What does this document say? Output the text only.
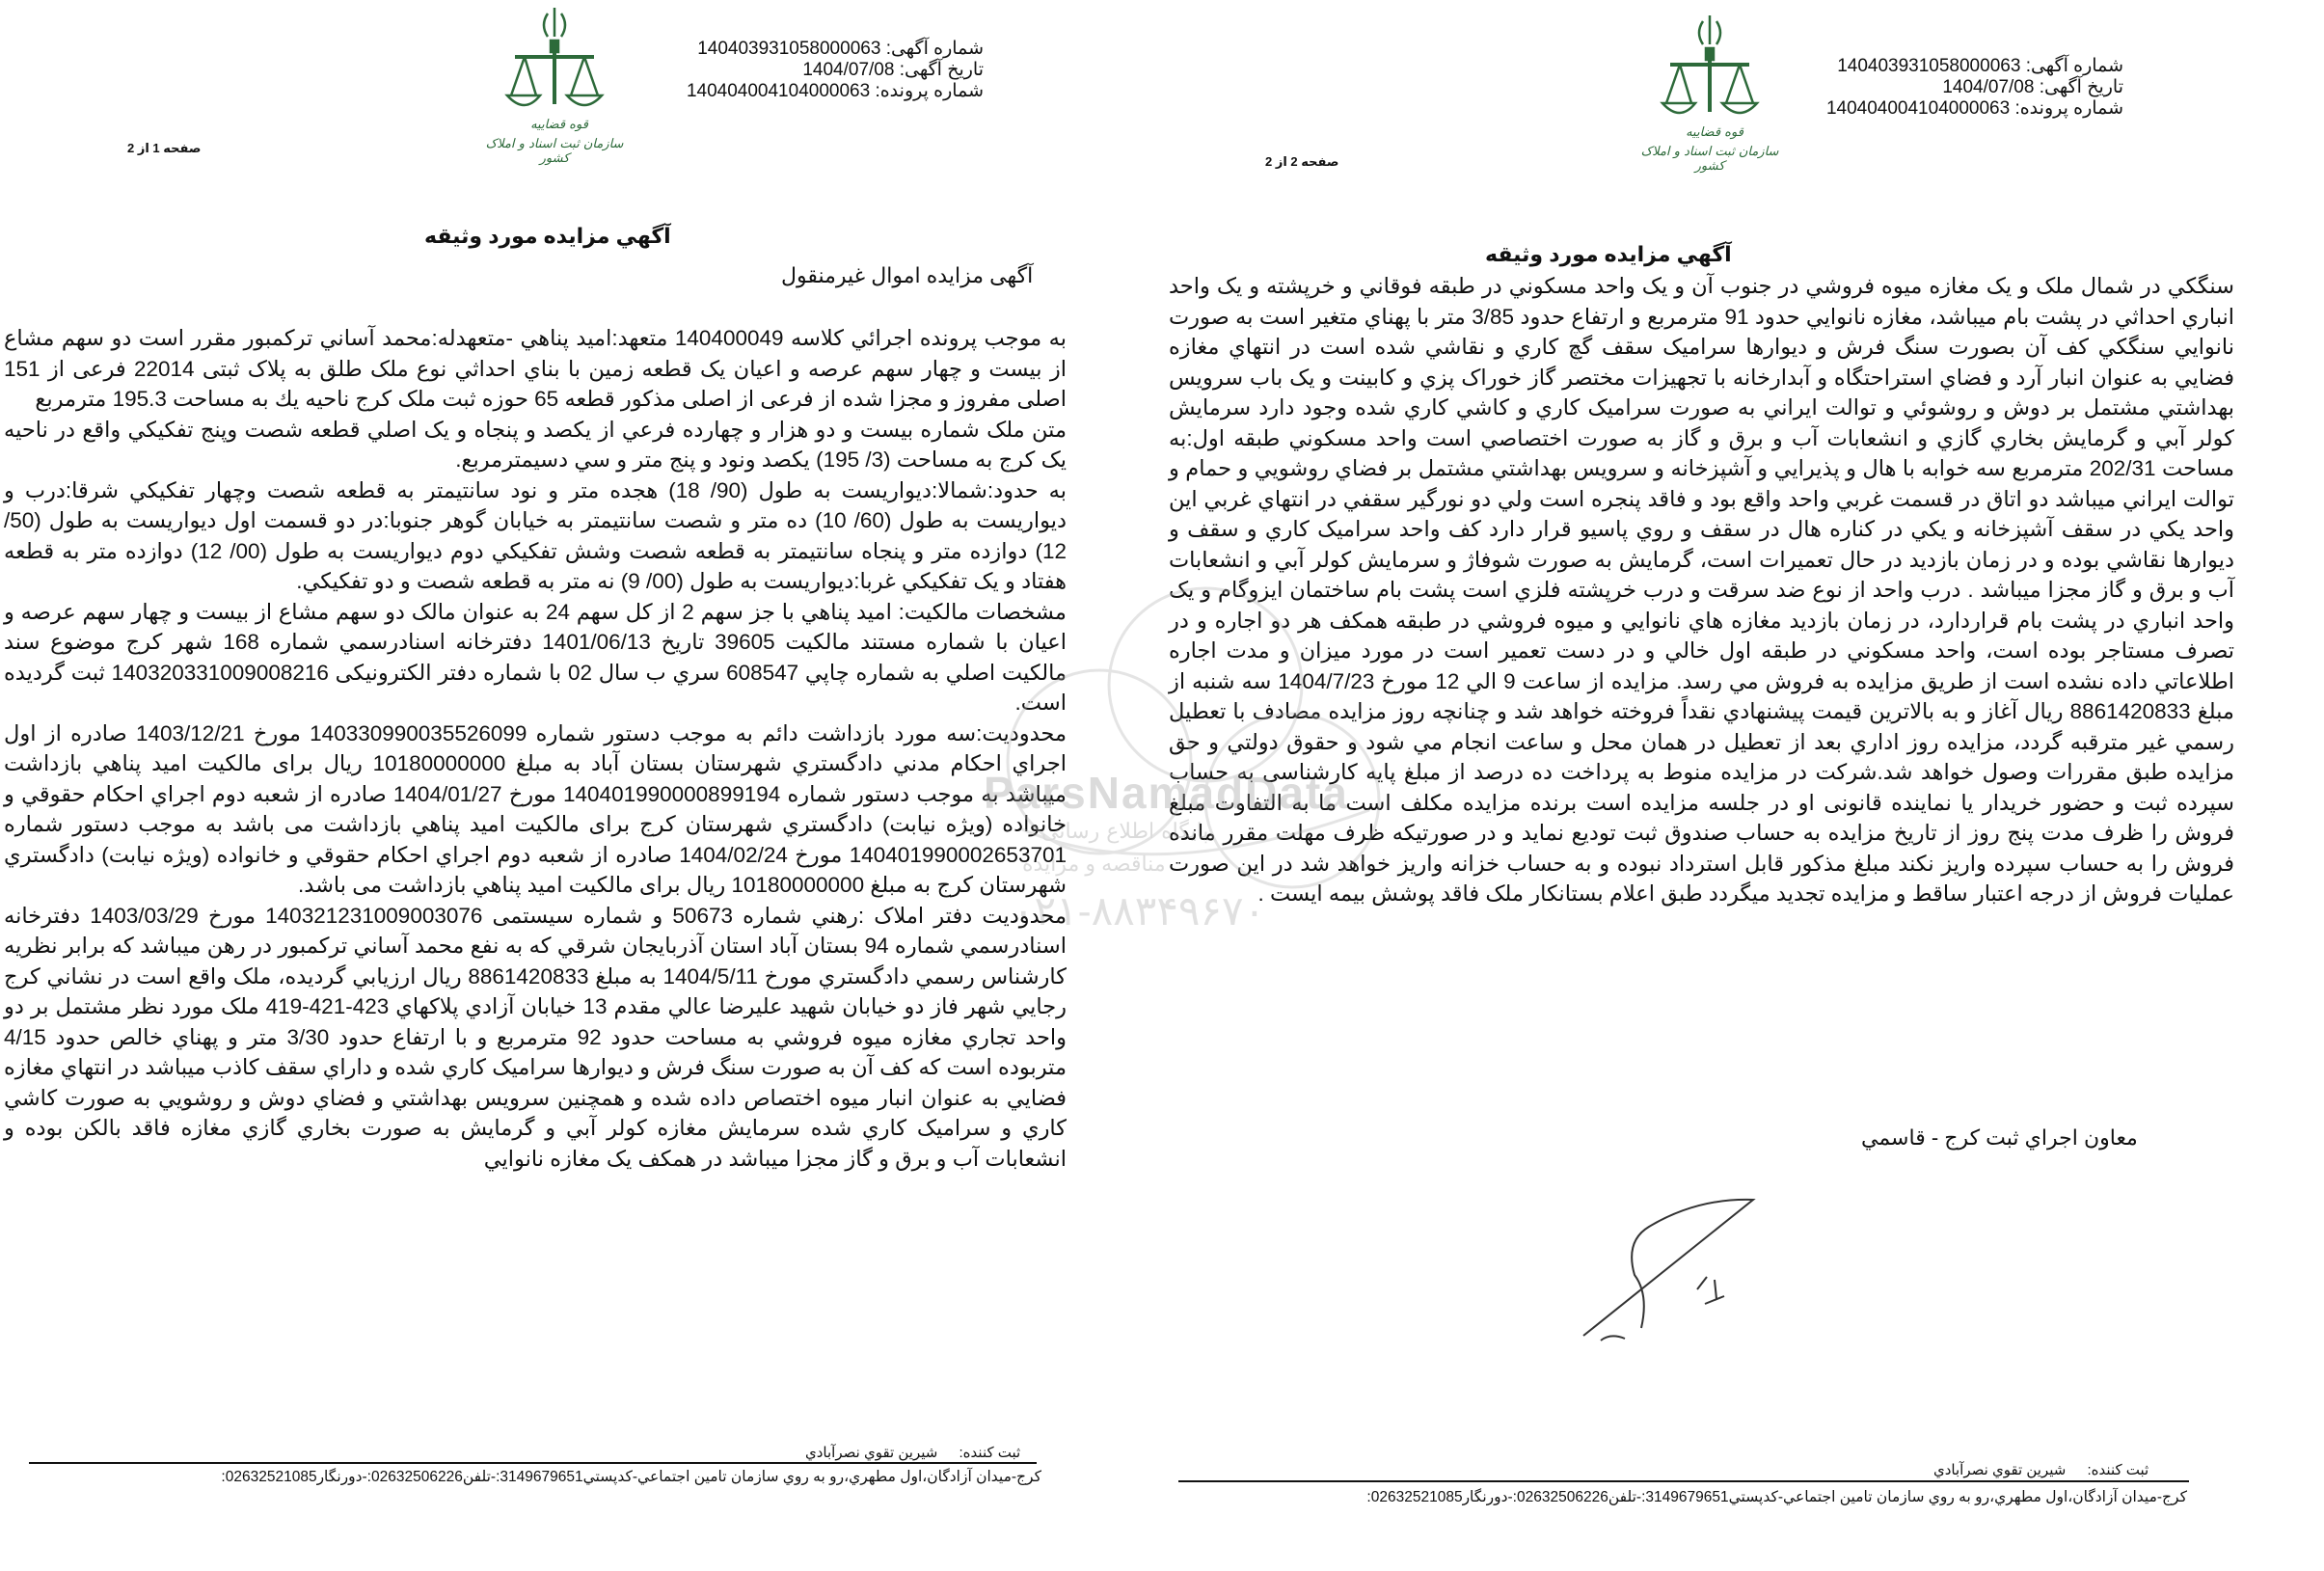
قوه قضاییه
سازمان ثبت اسناد و املاک کشور
شماره آگهی: 14040393105800006‍3
تاریخ آگهی: 1404/07/08
شماره پرونده: 140404004104000063
صفحه 1 از 2
آگهي مزايده مورد وثيقه
آگهی مزایده اموال غیرمنقول

به موجب پرونده اجرائي کلاسه 140400049 متعهد:اميد پناهي -متعهدله:محمد آساني ترکمبور مقرر است دو سهم مشاع از بيست و چهار سهم عرصه و اعيان يک قطعه زمين با بناي احداثي نوع ملک طلق به پلاک ثبتی 22014 فرعی از 151 اصلی مفروز و مجزا شده از فرعی از اصلی مذکور قطعه 65 حوزه ثبت ملک کرج ناحيه يك به مساحت 195.3 مترمربع

متن ملک شماره بيست و دو هزار و چهارده فرعي از يکصد و پنجاه و يک اصلي قطعه شصت وپنج تفکيکي واقع در ناحيه يک کرج به مساحت (3/ 195) يکصد ونود و پنج متر و سي دسيمترمربع.

به حدود:شمالا:ديواريست به طول (90/ 18) هجده متر و نود سانتيمتر به قطعه شصت وچهار تفکيکي شرقا:درب و ديواريست به طول (60/ 10) ده متر و شصت سانتيمتر به خيابان گوهر جنوبا:در دو قسمت اول ديواريست به طول (50/ 12) دوازده متر و پنجاه سانتيمتر به قطعه شصت وشش تفکيکي دوم ديواريست به طول (00/ 12) دوازده متر به قطعه هفتاد و يک تفکيکي غربا:ديواريست به طول (00/ 9) نه متر به قطعه شصت و دو تفکيکي.

مشخصات مالکيت: اميد پناهي با جز سهم 2 از کل سهم 24 به عنوان مالک دو سهم مشاع از بيست و چهار سهم عرصه و اعيان با شماره مستند مالکيت 39605 تاريخ 1401/06/13 دفترخانه اسنادرسمي شماره 168 شهر کرج موضوع سند مالکيت اصلي به شماره چاپي 608547 سري ب سال 02 با شماره دفتر الكترونيكی 140320331009008216 ثبت گرديده است.

محدوديت:سه مورد بازداشت دائم به موجب دستور شماره 140330990035526099 مورخ 1403/12/21 صادره از اول اجراي احکام مدني دادگستري شهرستان بستان آباد به مبلغ 10180000000 ريال برای مالکيت اميد پناهي بازداشت ميباشد به موجب دستور شماره 140401990000899194 مورخ 1404/01/27 صادره از شعبه دوم اجراي احکام حقوقي و خانواده (ويژه نيابت) دادگستري شهرستان کرج برای مالکيت اميد پناهي بازداشت می باشد به موجب دستور شماره 140401990002653701 مورخ 1404/02/24 صادره از شعبه دوم اجراي احکام حقوقي و خانواده (ويژه نيابت) دادگستري شهرستان کرج به مبلغ 10180000000 ريال برای مالکيت اميد پناهي بازداشت می باشد.

محدوديت دفتر املاک :رهني شماره 50673 و شماره سيستمی 140321231009003076 مورخ 1403/03/29 دفترخانه اسنادرسمي شماره 94 بستان آباد استان آذربايجان شرقي که به نفع محمد آساني ترکمبور در رهن ميباشد که برابر نظريه کارشناس رسمي دادگستري مورخ 1404/5/11 به مبلغ 8861420833 ريال ارزيابي گرديده، ملک واقع است در نشاني کرج رجايي شهر فاز دو خيابان شهيد عليرضا عالي مقدم 13 خيابان آزادي پلاکهاي 423-421-419 ملک مورد نظر مشتمل بر دو واحد تجاري مغازه ميوه فروشي به مساحت حدود 92 مترمربع و با ارتفاع حدود 3/30 متر و پهناي خالص حدود 4/15 متربوده است که کف آن به صورت سنگ فرش و ديوارها سراميک کاري شده و داراي سقف کاذب ميباشد در انتهاي مغازه فضايي به عنوان انبار ميوه اختصاص داده شده و همچنين سرويس بهداشتي و فضاي دوش و روشويي به صورت کاشي کاري و سراميک کاري شده سرمايش مغازه کولر آبي و گرمايش به صورت بخاري گازي مغازه فاقد بالکن بوده و انشعابات آب و برق و گاز مجزا ميباشد در همکف يک مغازه نانوايي

ثبت كننده: شيرين تقوي نصرآبادي
کرج-ميدان آزادگان،اول مطهري،رو به روي سازمان تامين اجتماعي-کدپستي3149679651:-تلفن02632506226:-دورنگار02632521085:
قوه قضاییه
سازمان ثبت اسناد و املاک کشور
شماره آگهی: 14040393105800006‍3
تاریخ آگهی: 1404/07/08
شماره پرونده: 140404004104000063
صفحه 2 از 2
آگهي مزايده مورد وثيقه

سنگکي در شمال ملک و يک مغازه ميوه فروشي در جنوب آن و يک واحد مسکوني در طبقه فوقاني و خرپشته و يک واحد انباري احداثي در پشت بام ميباشد، مغازه نانوايي حدود 91 مترمربع و ارتفاع حدود 3/85 متر با پهناي متغير است به صورت نانوايي سنگکي کف آن بصورت سنگ فرش و ديوارها سراميک سقف گچ کاري و نقاشي شده است در انتهاي مغازه فضايي به عنوان انبار آرد و فضاي استراحتگاه و آبدارخانه با تجهيزات مختصر گاز خوراک پزي و کابينت و يک باب سرويس بهداشتي مشتمل بر دوش و روشوئي و توالت ايراني به صورت سراميک کاري و کاشي کاري شده وجود دارد سرمايش کولر آبي و گرمايش بخاري گازي و انشعابات آب و برق و گاز به صورت اختصاصي است واحد مسکوني طبقه اول:به مساحت 202/31 مترمربع سه خوابه با هال و پذيرايي و آشپزخانه و سرويس بهداشتي مشتمل بر فضاي روشويي و حمام و توالت ايراني ميباشد دو اتاق در قسمت غربي واحد واقع بود و فاقد پنجره است ولي دو نورگير سقفي در انتهاي غربي اين واحد يکي در سقف آشپزخانه و يکي در کناره هال در سقف و روي پاسيو قرار دارد کف واحد سراميک کاري و سقف و ديوارها نقاشي بوده و در زمان بازديد در حال تعميرات است، گرمايش به صورت شوفاژ و سرمايش کولر آبي و انشعابات آب و برق و گاز مجزا ميباشد . درب واحد از نوع ضد سرقت و درب خرپشته فلزي است پشت بام ساختمان ايزوگام و يک واحد انباري در پشت بام قراردارد، در زمان بازديد مغازه هاي نانوايي و ميوه فروشي در طبقه همکف هر دو اجاره و در تصرف مستاجر بوده است، واحد مسکوني در طبقه اول خالي و در دست تعمير است در مورد ميزان و مدت اجاره اطلاعاتي داده نشده است از طريق مزايده به فروش مي رسد. مزايده از ساعت 9 الي 12 مورخ 1404/7/23 سه شنبه از مبلغ 8861420833 ريال آغاز و به بالاترين قيمت پيشنهادي نقداً فروخته خواهد شد و چنانچه روز مزايده مصادف با تعطيل رسمي غير مترقبه گردد، مزايده روز اداري بعد از تعطيل در همان محل و ساعت انجام مي شود و حقوق دولتي و حق مزايده طبق مقررات وصول خواهد شد.شرکت در مزايده منوط به پرداخت ده درصد از مبلغ پايه کارشناسی به حساب سپرده ثبت و حضور خريدار يا نماينده قانونی او در جلسه مزايده است برنده مزايده مکلف است ما به التفاوت مبلغ فروش را ظرف مدت پنج روز از تاريخ مزايده به حساب صندوق ثبت توديع نمايد و در صورتيكه ظرف مهلت مقرر مانده فروش را به حساب سپرده واريز نكند مبلغ مذكور قابل استرداد نبوده و به حساب خزانه واريز خواهد شد در اين صورت عمليات فروش از درجه اعتبار ساقط و مزايده تجديد ميگردد طبق اعلام بستانكار ملک فاقد پوشش بيمه ايست .

معاون اجراي ثبت کرج - قاسمي
ثبت كننده: شيرين تقوي نصرآبادي
کرج-ميدان آزادگان،اول مطهري،رو به روي سازمان تامين اجتماعي-کدپستي3149679651:-تلفن02632506226:-دورنگار02632521085:
ParsNamadData
پایگاه اطلاع رسانی
مناقصه و مزایده
۰۲۱-۸۸۳۴۹۶۷۰
